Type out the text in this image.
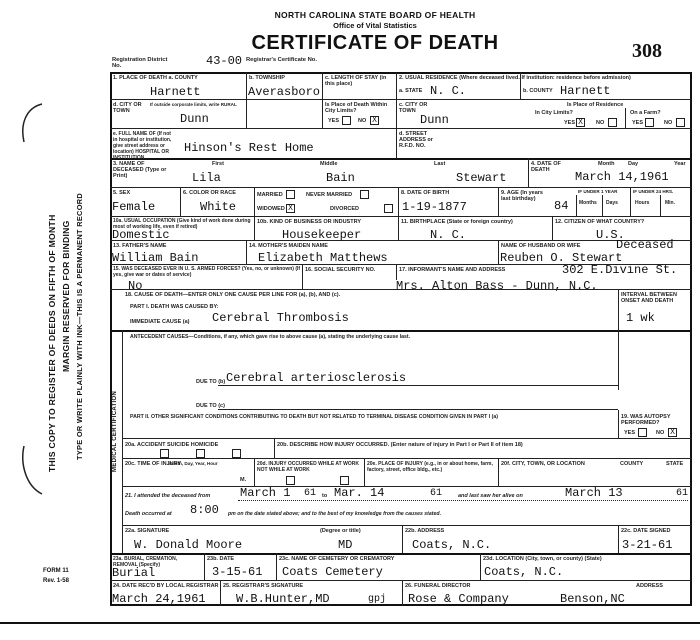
THIS COPY TO REGISTER OF DEEDS ON FIFTH OF MONTH MARGIN RESERVED FOR BINDING TYPE OR WRITE PLAINLY WITH INK—THIS IS A PERMANENT RECORD
FORM 11
Rev. 1-58
NORTH CAROLINA STATE BOARD OF HEALTH
Office of Vital Statistics
CERTIFICATE OF DEATH	308
Registration District No.	43-00 Registrar's Certificate No.
MEDICAL CERTIFICATION
1. PLACE OF DEATH a. COUNTY
Harnett
b. TOWNSHIP
Averasboro
c. LENGTH OF STAY (in this place)
2. USUAL RESIDENCE (Where deceased lived. If institution: residence before admission)
a. STATE N. C.	b. COUNTY Harnett
d. CITY OR TOWN
Dunn
If outside corporate limits, write RURAL	Is Place of Death Within City Limits?
YES	NO X
c. CITY OR TOWN
Dunn
Is Place of Residence
In City Limits?	On a Farm?
YES X	NO	YES	NO
e. FULL NAME OF (If not in hospital or institution, give street address or location) HOSPITAL OR INSTITUTION
Hinson's Rest Home
d. STREET ADDRESS or R.F.D. NO.
3. NAME OF DECEASED (Type or Print)
First	Middle	Last
Lila	Bain	Stewart
4. DATE OF DEATH
Month Day	Year
March 14,1961
5. SEX
Female
6. COLOR OR RACE
White
MARRIED	NEVER MARRIED
WIDOWED X	DIVORCED
8. DATE OF BIRTH
1-19-1877
9. AGE (In years last birthday)	84
IF UNDER 1 YEAR	IF UNDER 24 HRS.
Months Days	Hours	Min.
10a. USUAL OCCUPATION (Give kind of work done during most of working life, even if retired)
Domestic
10b. KIND OF BUSINESS OR INDUSTRY
Housekeeper
11. BIRTHPLACE (State or foreign country)
N. C.
12. CITIZEN OF WHAT COUNTRY?
U.S.
13. FATHER'S NAME
William Bain
14. MOTHER'S MAIDEN NAME
Elizabeth Matthews
NAME OF HUSBAND OR WIFE	Deceased
Reuben O. Stewart
15. WAS DECEASED EVER IN U. S. ARMED FORCES? (Yes, no, or unknown) (If yes, give war or dates of service)
No
16. SOCIAL SECURITY NO.	17. INFORMANT'S NAME AND ADDRESS	302 E.Divine St.
Mrs. Alton Bass - Dunn, N.C.
18. CAUSE OF DEATH—ENTER ONLY ONE CAUSE PER LINE FOR (a), (b), AND (c).	INTERVAL BETWEEN ONSET AND DEATH
PART I. DEATH WAS CAUSED BY:
IMMEDIATE CAUSE (a) Cerebral Thrombosis	1 wk
ANTECEDENT CAUSES—Conditions, if any, which gave rise to above cause (a), stating the underlying cause last.
DUE TO (b) Cerebral arteriosclerosis
DUE TO (c)
PART II. OTHER SIGNIFICANT CONDITIONS CONTRIBUTING TO DEATH BUT NOT RELATED TO TERMINAL DISEASE CONDITION GIVEN IN PART I (a)	19. WAS AUTOPSY PERFORMED?
YES	NO X
20a. ACCIDENT SUICIDE HOMICIDE	20b. DESCRIBE HOW INJURY OCCURRED. (Enter nature of injury in Part I or Part II of item 18)
20c. TIME OF INJURY
Month, Day, Year, Hour
M.
20d. INJURY OCCURRED WHILE AT WORK NOT WHILE AT WORK
20e. PLACE OF INJURY (e.g., in or about home, farm, factory, street, office bldg., etc.)
20f. CITY, TOWN, OR LOCATION	COUNTY	STATE
21. I attended the deceased from March 1 61 to Mar. 14	61	and last saw her alive on	March 13	61
Death occurred at 8:00 pm on the date stated above; and to the best of my knowledge from the causes stated.
22a. SIGNATURE	(Degree or title)
W. Donald Moore	MD
22b. ADDRESS
Coats, N.C.
22c. DATE SIGNED
3-21-61
23a. BURIAL, CREMATION, REMOVAL (Specify)
Burial
23b. DATE
3-15-61
23c. NAME OF CEMETERY OR CREMATORY
Coats Cemetery
23d. LOCATION (City, town, or county) (State)
Coats, N.C.
24. DATE REC'D BY LOCAL REGISTRAR
March 24,1961
25. REGISTRAR'S SIGNATURE
W.B.Hunter,MD	gpj
26. FUNERAL DIRECTOR	ADDRESS
Rose & Company	Benson,NC
